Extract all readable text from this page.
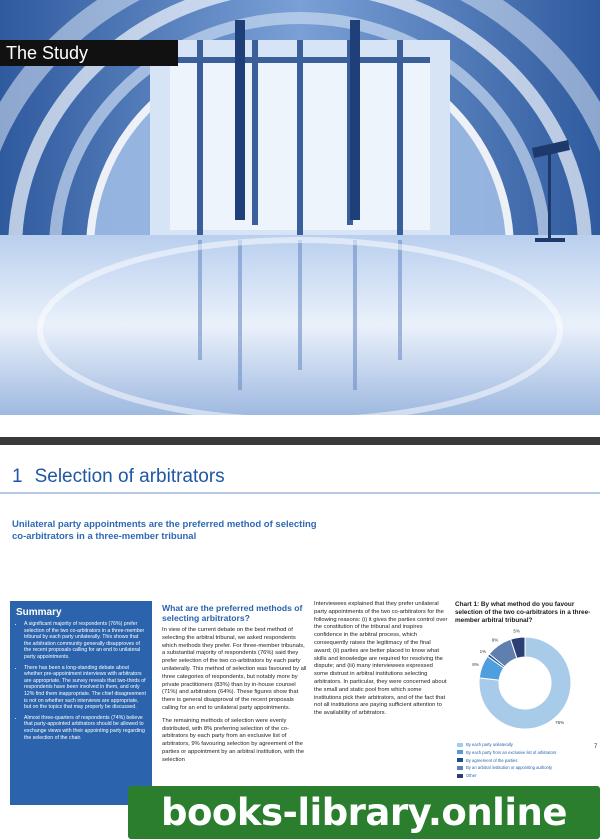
The Study
1 Selection of arbitrators
Unilateral party appointments are the preferred method of selecting co-arbitrators in a three-member tribunal
Summary
• A significant majority of respondents (76%) prefer selection of the two co-arbitrators in a three-member tribunal by each party unilaterally. This shows that the arbitration community generally disapproves of the recent proposals calling for an end to unilateral party appointments.
• There has been a long-standing debate about whether pre-appointment interviews with arbitrators are appropriate. The survey reveals that two-thirds of respondents have been involved in them, and only 12% find them inappropriate. The chief disagreement is not on whether such interviews are appropriate, but on the topics that may properly be discussed.
• Almost three-quarters of respondents (74%) believe that party-appointed arbitrators should be allowed to exchange views with their appointing party regarding the selection of the chair.
What are the preferred methods of selecting arbitrators?

In view of the current debate on the best method of selecting the arbitral tribunal, we asked respondents which methods they prefer. For three-member tribunals, a substantial majority of respondents (76%) said they prefer selection of the two co-arbitrators by each party unilaterally. This method of selection was favoured by all three categories of respondents, but notably more by private practitioners (83%) than by in-house counsel (71%) and arbitrators (64%). These figures show that there is general disapproval of the recent proposals calling for an end to unilateral party appointments.

The remaining methods of selection were evenly distributed, with 8% preferring selection of the co-arbitrators by each party from an exclusive list of arbitrators, 9% favouring selection by agreement of the parties or appointment by an arbitral institution, with the selection

Interviewees explained that they prefer unilateral party appointments of the two co-arbitrators for the following reasons: (i) it gives the parties control over the constitution of the tribunal and inspires confidence in the arbitral process, which consequently raises the legitimacy of the final award; (ii) parties are better placed to know what skills and knowledge are required for resolving the dispute; and (iii) many interviewees expressed some distrust in arbitral institutions selecting arbitrators. In particular, they were concerned about the small and static pool from which some institutions pick their arbitrators, and of the fact that not all institutions are paying sufficient attention to the availability of arbitrators.

Chart 1: By what method do you favour selection of the two co-arbitrators in a three-member arbitral tribunal?
76%
8%
1%
9%
5%
By each party unilaterally
By each party from an exclusive list of arbitrators
By agreement of the parties
By an arbitral institution or appointing authority
Other
7
books-library.online
